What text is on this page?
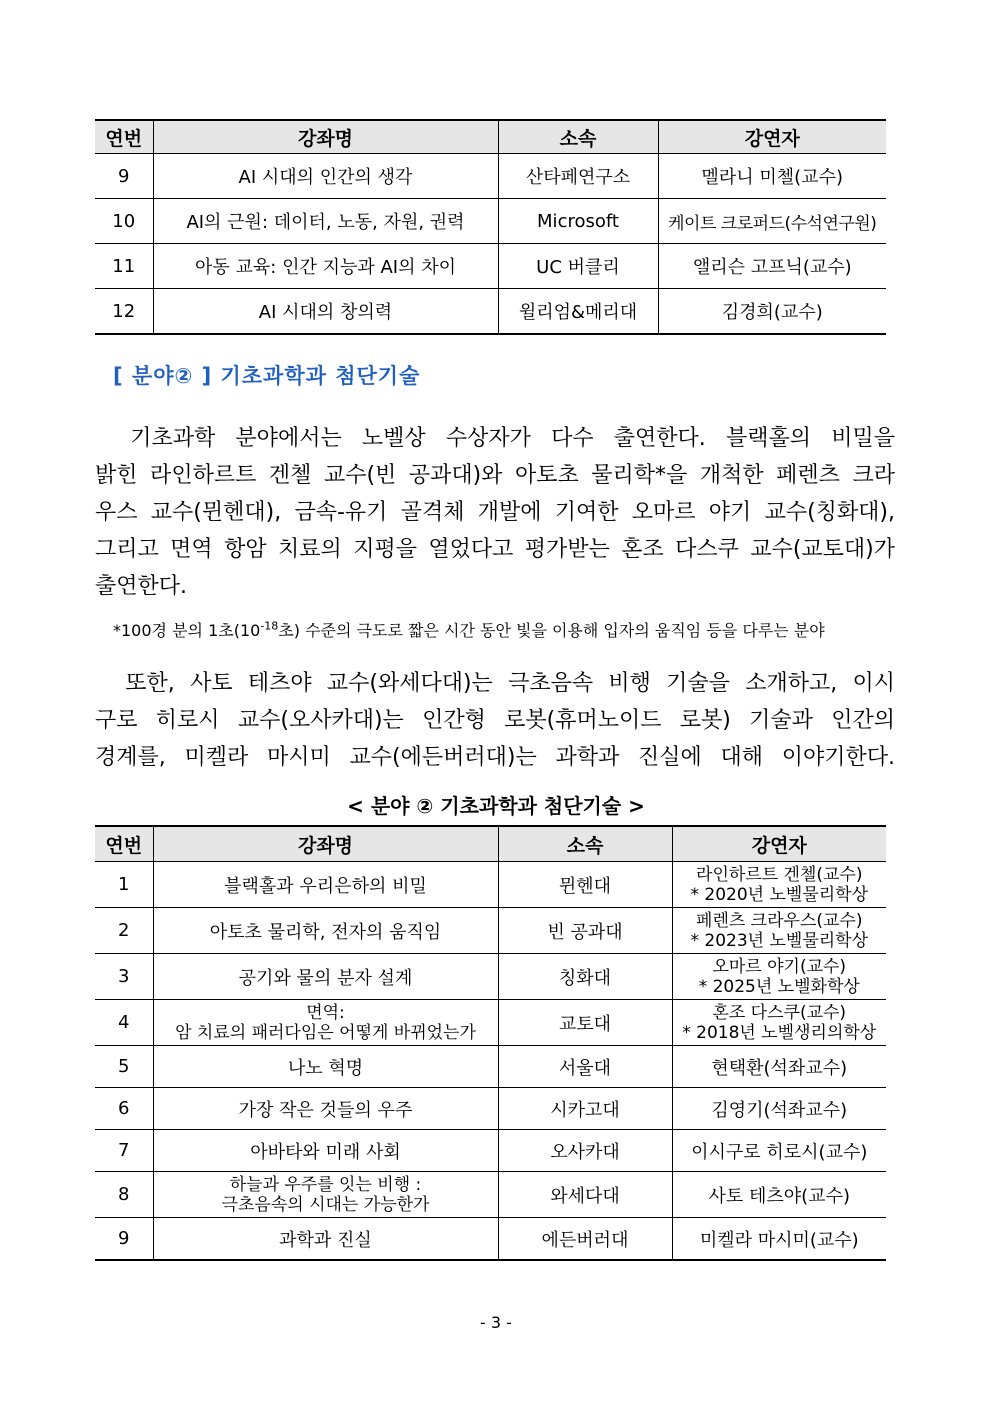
연번	강좌명	소속	강연자
9	AI 시대의 인간의 생각	산타페연구소	멜라니 미첼(교수)
10	AI의 근원: 데이터, 노동, 자원, 권력	Microsoft	케이트 크로퍼드(수석연구원)
11	아동 교육: 인간 지능과 AI의 차이	UC 버클리	앨리슨 고프닉(교수)
12	AI 시대의 창의력	윌리엄&메리대	김경희(교수)
[ 분야② ] 기초과학과 첨단기술

　기초과학 분야에서는 노벨상 수상자가 다수 출연한다. 블랙홀의 비밀을
밝힌 라인하르트 겐첼 교수(빈 공과대)와 아토초 물리학*을 개척한 페렌츠 크라
우스 교수(뮌헨대), 금속-유기 골격체 개발에 기여한 오마르 야기 교수(칭화대),
그리고 면역 항암 치료의 지평을 열었다고 평가받는 혼조 다스쿠 교수(교토대)가
출연한다.

*100경 분의 1초($10^{-18}$초) 수준의 극도로 짧은 시간 동안 빛을 이용해 입자의 움직임 등을 다루는 분야

　또한, 사토 테츠야 교수(와세다대)는 극초음속 비행 기술을 소개하고, 이시
구로 히로시 교수(오사카대)는 인간형 로봇(휴머노이드 로봇) 기술과 인간의
경계를, 미켈라 마시미 교수(에든버러대)는 과학과 진실에 대해 이야기한다.

< 분야 ② 기초과학과 첨단기술 >
연번	강좌명	소속	강연자
1	블랙홀과 우리은하의 비밀	뮌헨대	라인하르트 겐첼(교수)
* 2020년 노벨물리학상

2	아토초 물리학, 전자의 움직임	빈 공과대	페렌츠 크라우스(교수)
* 2023년 노벨물리학상

3	공기와 물의 분자 설계	칭화대	오마르 야기(교수)
* 2025년 노벨화학상

4	면역:
암 치료의 패러다임은 어떻게 바뀌었는가	교토대	혼조 다스쿠(교수)
* 2018년 노벨생리의학상

5	나노 혁명	서울대	현택환(석좌교수)
6	가장 작은 것들의 우주	시카고대	김영기(석좌교수)
7	아바타와 미래 사회	오사카대	이시구로 히로시(교수)
8	하늘과 우주를 잇는 비행 :
극초음속의 시대는 가능한가	와세다대	사토 테츠야(교수)
9	과학과 진실	에든버러대	미켈라 마시미(교수)
- 3 -
